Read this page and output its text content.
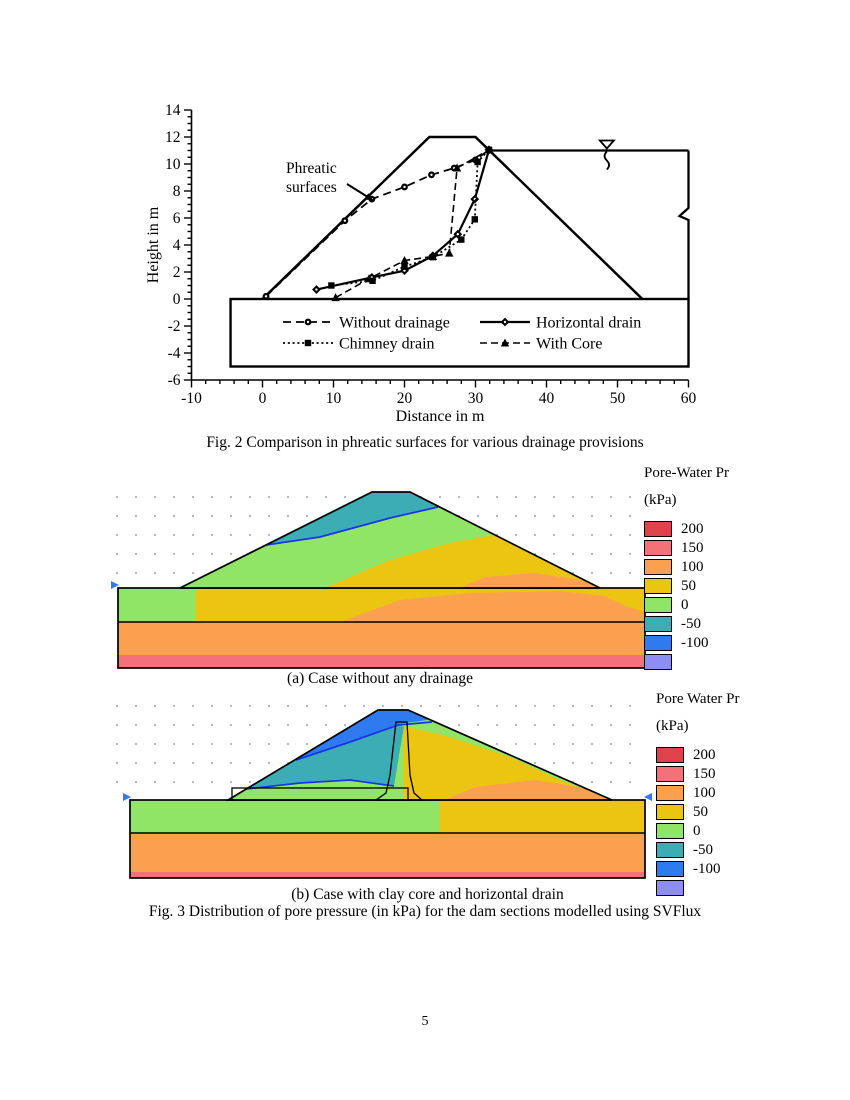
-10	0	10	20	30	40	50	60
-6
-4
-2
0
2
4
6
8
10
12
14
Distance in m
Height in m
Phreatic
surfaces
Without drainage	Horizontal drain
Chimney drain	With Core
Fig. 2 Comparison in phreatic surfaces for various drainage provisions
Pore-Water Pr
(kPa)
200
150
100
50
0
-50
-100
(a) Case without any drainage
Pore Water Pr
(kPa)
200
150
100
50
0
-50
-100
(b) Case with clay core and horizontal drain
Fig. 3 Distribution of pore pressure (in kPa) for the dam sections modelled using SVFlux
5
